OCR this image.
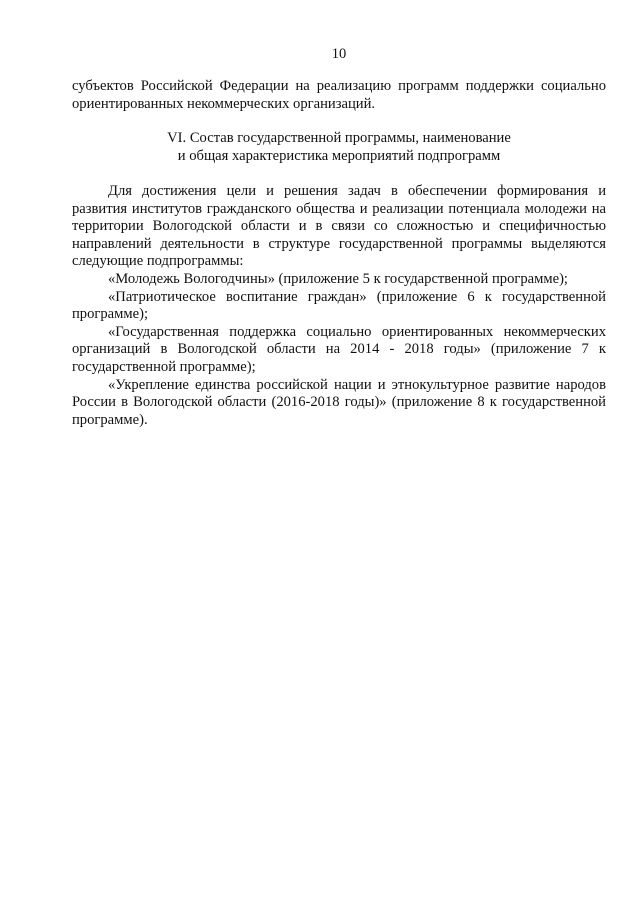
10

субъектов Российской Федерации на реализацию программ поддержки социально ориентированных некоммерческих организаций.

VI. Состав государственной программы, наименование
и общая характеристика мероприятий подпрограмм

Для достижения цели и решения задач в обеспечении формирования и развития институтов гражданского общества и реализации потенциала молодежи на территории Вологодской области и в связи со сложностью и специфичностью направлений деятельности в структуре государственной программы выделяются следующие подпрограммы:

«Молодежь Вологодчины» (приложение 5 к государственной программе);

«Патриотическое воспитание граждан» (приложение 6 к государственной программе);

«Государственная поддержка социально ориентированных некоммерческих организаций в Вологодской области на 2014 - 2018 годы» (приложение 7 к государственной программе);

«Укрепление единства российской нации и этнокультурное развитие народов России в Вологодской области (2016-2018 годы)» (приложение 8 к государственной программе).
